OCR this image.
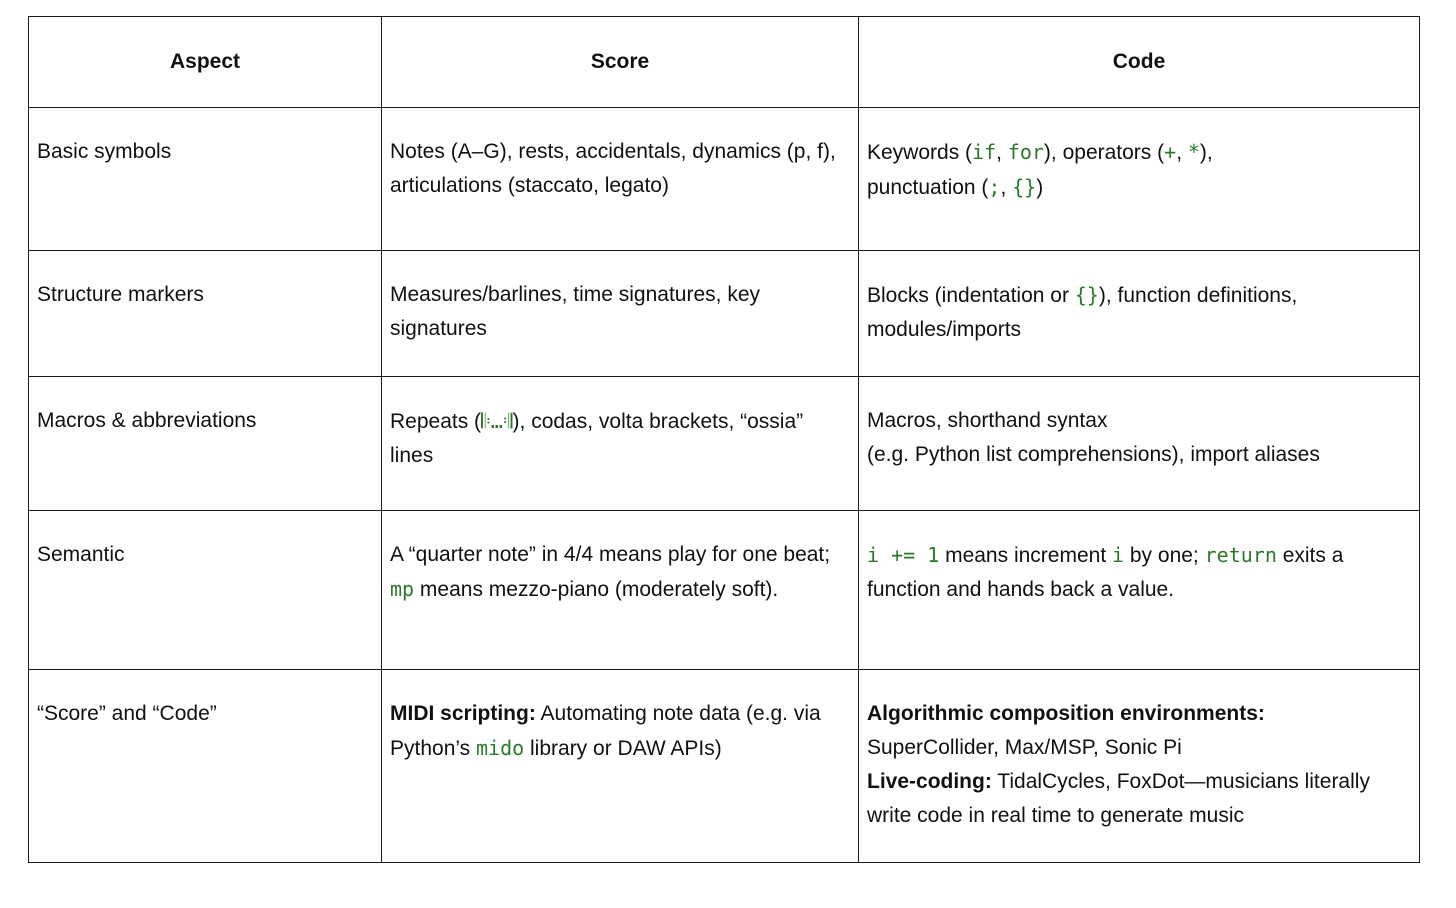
Aspect	Score	Code
Basic symbols	Notes (A–G), rests, accidentals, dynamics (p, f), articulations (staccato, legato)	Keywords (if, for), operators (+, *),
punctuation (;, {})
Structure markers	Measures/barlines, time signatures, key signatures	Blocks (indentation or {}), function definitions, modules/imports
Macros & abbreviations	Repeats (𝄆…𝄇), codas, volta brackets, “ossia” lines	Macros, shorthand syntax
(e.g. Python list comprehensions), import aliases
Semantic	A “quarter note” in 4/4 means play for one beat; mp means mezzo-piano (moderately soft).	i += 1 means increment i by one; return exits a function and hands back a value.
“Score” and “Code”	MIDI scripting: Automating note data (e.g. via Python’s mido library or DAW APIs)	Algorithmic composition environments:
SuperCollider, Max/MSP, Sonic Pi
Live-coding: TidalCycles, FoxDot—musicians literally write code in real time to generate music
